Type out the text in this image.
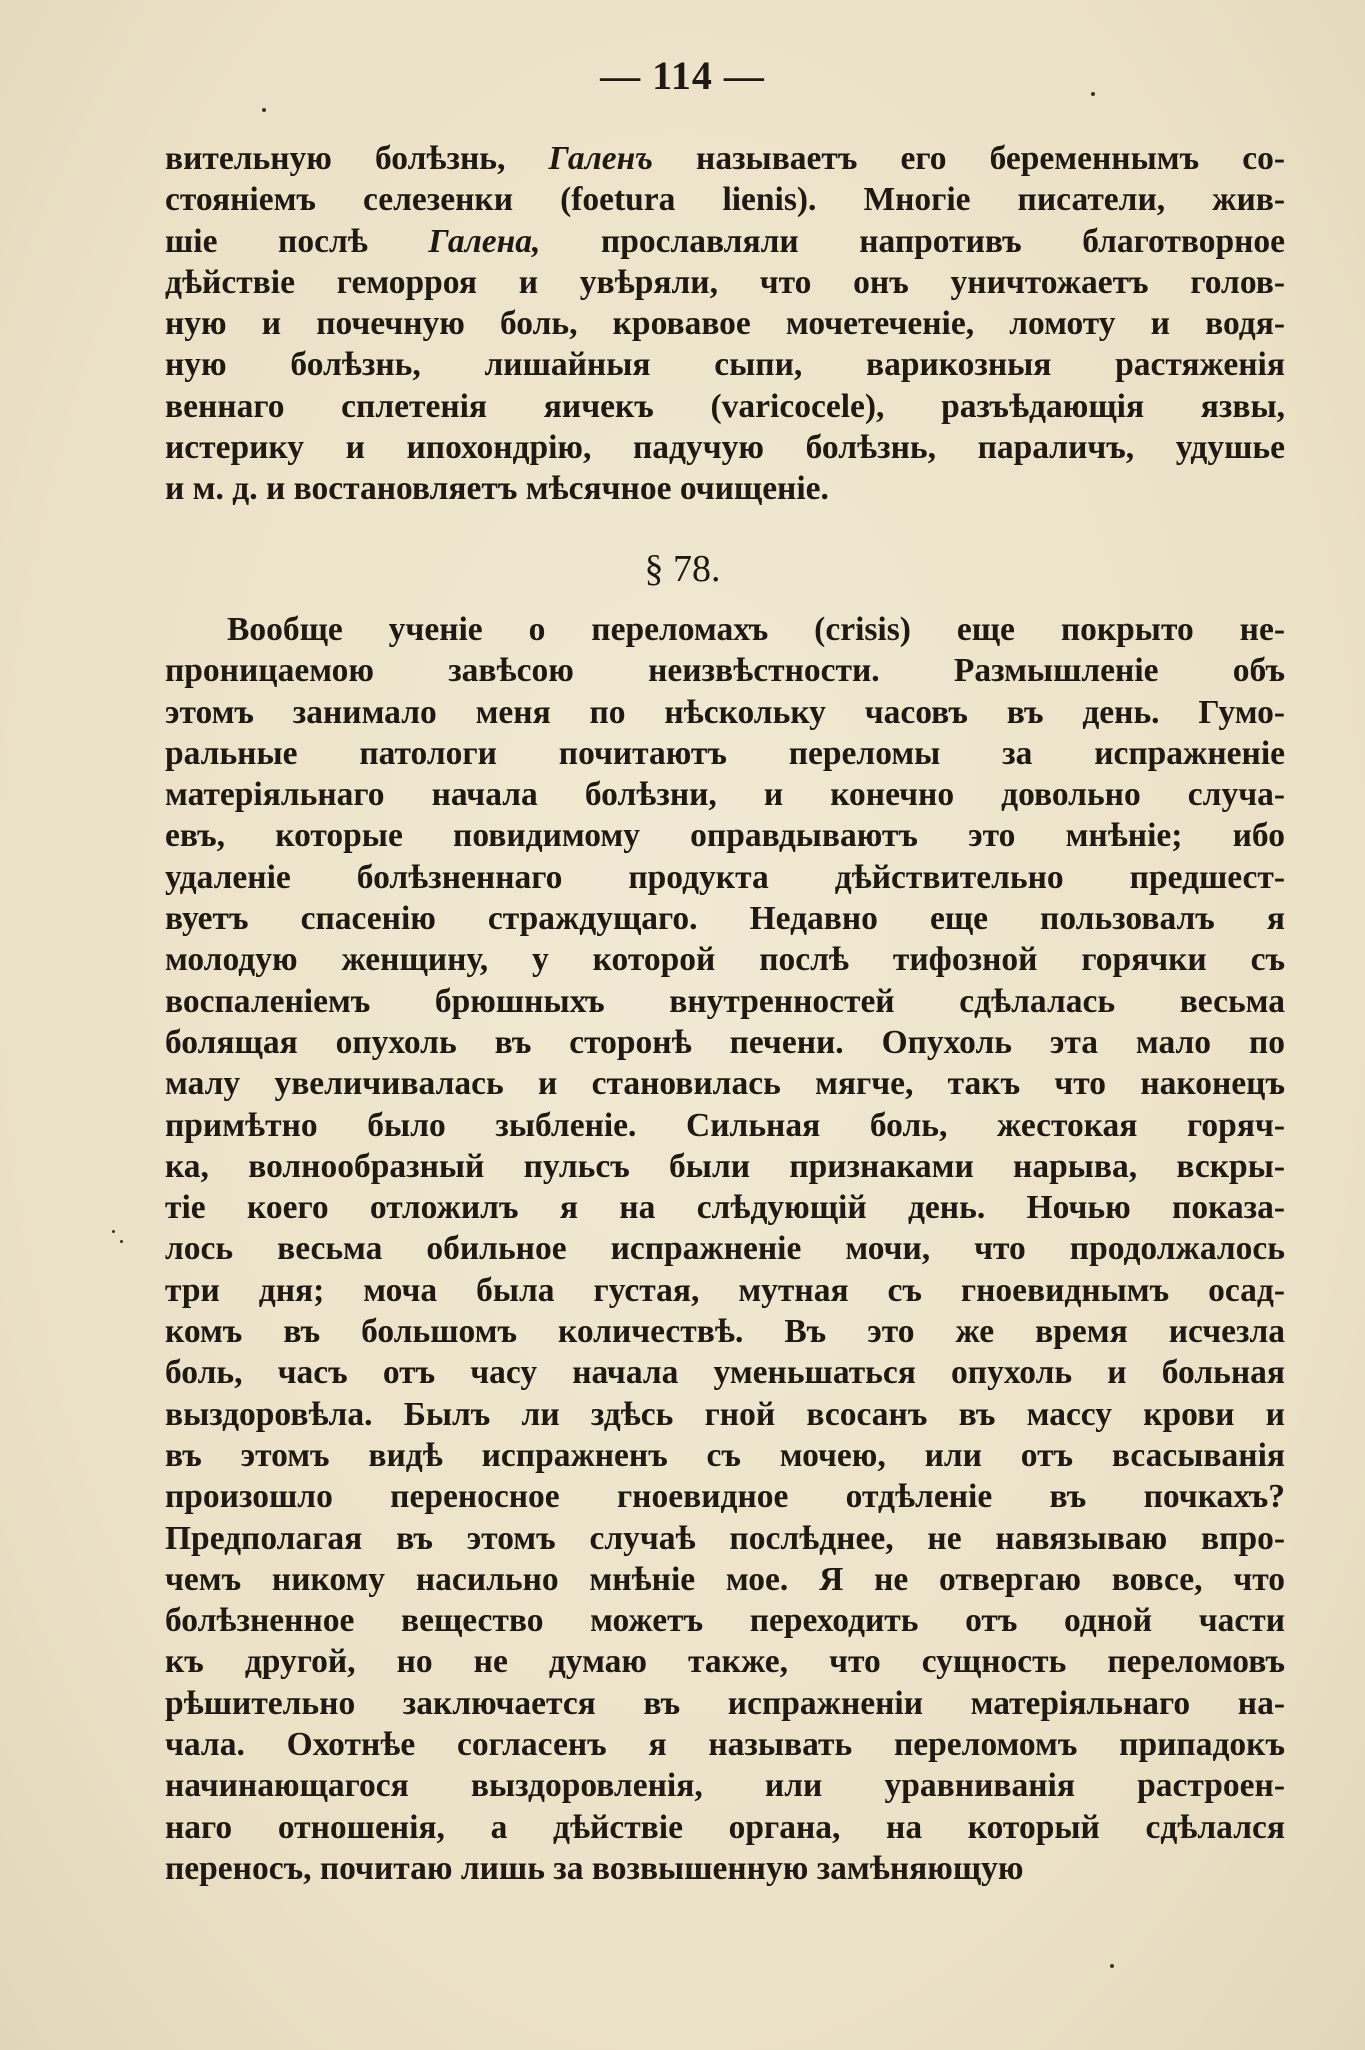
— 114 —
вительную болѣзнь, Галенъ называетъ его беременнымъ со-
стоянiемъ селезенки (foetura lienis). Многiе писатели, жив-
шiе послѣ Галена, прославляли напротивъ благотворное
дѣйствiе геморроя и увѣряли, что онъ уничтожаетъ голов-
ную и почечную боль, кровавое мочетеченiе, ломоту и водя-
ную болѣзнь, лишайныя сыпи, варикозныя растяженiя
веннаго сплетенiя яичекъ (varicocele), разъѣдающiя язвы,
истерику и ипохондрiю, падучую болѣзнь, параличъ, удушье
и м. д. и востановляетъ мѣсячное очищенiе.
§ 78.
Вообще ученiе о переломахъ (crisis) еще покрыто не-
проницаемою завѣсою неизвѣстности. Размышленiе объ
этомъ занимало меня по нѣскольку часовъ въ день. Гумо-
ральные патологи почитаютъ переломы за испражненiе
матерiяльнаго начала болѣзни, и конечно довольно случа-
евъ, которые повидимому оправдываютъ это мнѣнiе; ибо
удаленiе болѣзненнаго продукта дѣйствительно предшест-
вуетъ спасенiю страждущаго. Недавно еще пользовалъ я
молодую женщину, у которой послѣ тифозной горячки съ
воспаленiемъ брюшныхъ внутренностей сдѣлалась весьма
болящая опухоль въ сторонѣ печени. Опухоль эта мало по
малу увеличивалась и становилась мягче, такъ что наконецъ
примѣтно было зыбленiе. Сильная боль, жестокая горяч-
ка, волнообразный пульсъ были признаками нарыва, вскры-
тiе коего отложилъ я на слѣдующiй день. Ночью показа-
лось весьма обильное испражненiе мочи, что продолжалось
три дня; моча была густая, мутная съ гноевиднымъ осад-
комъ въ большомъ количествѣ. Въ это же время исчезла
боль, часъ отъ часу начала уменьшаться опухоль и больная
выздоровѣла. Былъ ли здѣсь гной всосанъ въ массу крови и
въ этомъ видѣ испражненъ съ мочею, или отъ всасыванiя
произошло переносное гноевидное отдѣленiе въ почкахъ?
Предполагая въ этомъ случаѣ послѣднее, не навязываю впро-
чемъ никому насильно мнѣнiе мое. Я не отвергаю вовсе, что
болѣзненное вещество можетъ переходить отъ одной части
къ другой, но не думаю также, что сущность переломовъ
рѣшительно заключается въ испражненiи матерiяльнаго на-
чала. Охотнѣе согласенъ я называть переломомъ припадокъ
начинающагося выздоровленiя, или уравниванiя растроен-
наго отношенiя, а дѣйствiе органа, на который сдѣлался
переносъ, почитаю лишь за возвышенную замѣняющую
